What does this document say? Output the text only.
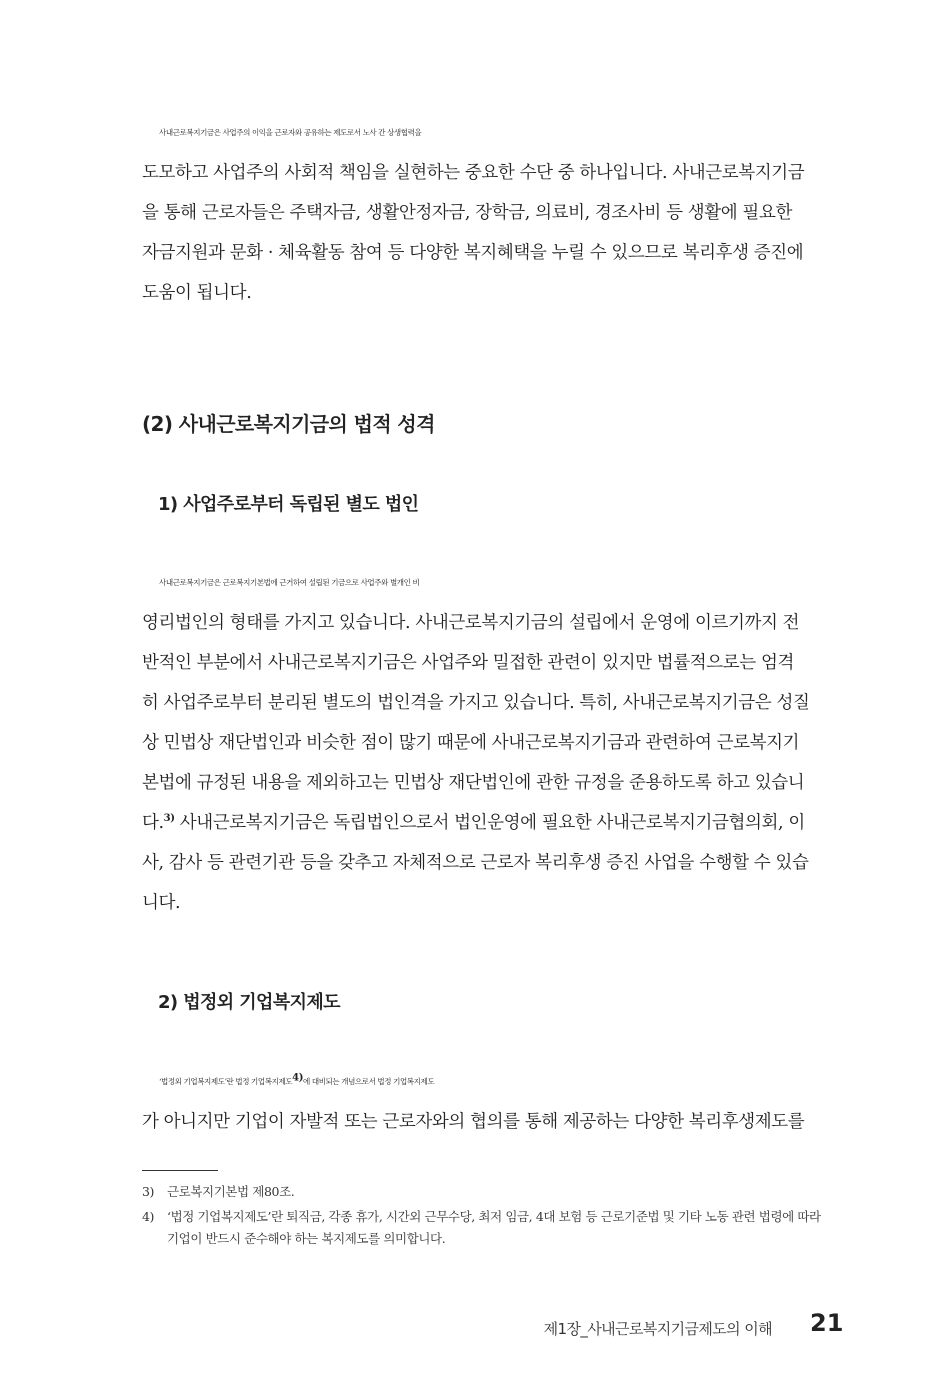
사내근로복지기금은 사업주의 이익을 근로자와 공유하는 제도로서 노사 간 상생협력을
도모하고 사업주의 사회적 책임을 실현하는 중요한 수단 중 하나입니다. 사내근로복지기금
을 통해 근로자들은 주택자금, 생활안정자금, 장학금, 의료비, 경조사비 등 생활에 필요한
자금지원과 문화 · 체육활동 참여 등 다양한 복지혜택을 누릴 수 있으므로 복리후생 증진에
도움이 됩니다.

(2) 사내근로복지기금의 법적 성격
1) 사업주로부터 독립된 별도 법인

사내근로복지기금은 근로복지기본법에 근거하여 설립된 기금으로 사업주와 별개인 비
영리법인의 형태를 가지고 있습니다. 사내근로복지기금의 설립에서 운영에 이르기까지 전
반적인 부분에서 사내근로복지기금은 사업주와 밀접한 관련이 있지만 법률적으로는 엄격
히 사업주로부터 분리된 별도의 법인격을 가지고 있습니다. 특히, 사내근로복지기금은 성질
상 민법상 재단법인과 비슷한 점이 많기 때문에 사내근로복지기금과 관련하여 근로복지기
본법에 규정된 내용을 제외하고는 민법상 재단법인에 관한 규정을 준용하도록 하고 있습니
다.$^{3)}$ 사내근로복지기금은 독립법인으로서 법인운영에 필요한 사내근로복지기금협의회, 이
사, 감사 등 관련기관 등을 갖추고 자체적으로 근로자 복리후생 증진 사업을 수행할 수 있습
니다.

2) 법정외 기업복지제도

‘법정외 기업복지제도’란 법정 기업복지제도$^{4)}$에 대비되는 개념으로서 법정 기업복지제도
가 아니지만 기업이 자발적 또는 근로자와의 협의를 통해 제공하는 다양한 복리후생제도를

3) 근로복지기본법 제80조.
4) ‘법정 기업복지제도’란 퇴직금, 각종 휴가, 시간외 근무수당, 최저 임금, 4대 보험 등 근로기준법 및 기타 노동 관련 법령에 따라
기업이 반드시 준수해야 하는 복지제도를 의미합니다.
제1장_사내근로복지기금제도의 이해 21
